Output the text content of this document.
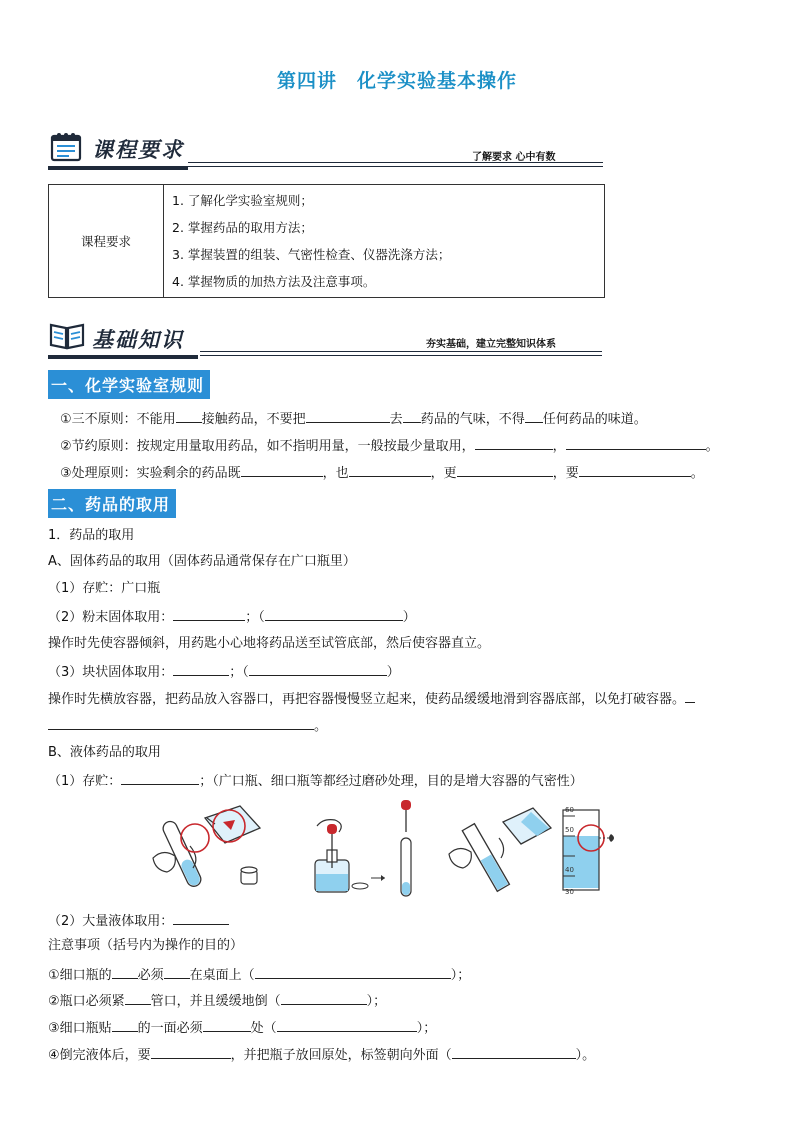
第四讲　化学实验基本操作
课程要求	了解要求 心中有数
课程要求	
1. 了解化学实验室规则；
2. 掌握药品的取用方法；
3. 掌握装置的组装、气密性检查、仪器洗涤方法；
4. 掌握物质的加热方法及注意事项。
基础知识	夯实基础，建立完整知识体系
一、化学实验室规则
①三不原则：不能用 接触药品，不要把	去 药品的气味，不得 任何药品的味道。
②节约原则：按规定用量取用药品，如不指明用量，一般按最少量取用，	，	。
③处理原则：实验剩余的药品既	，也	，更	，要	。
二、药品的取用
1．药品的取用
A、固体药品的取用（固体药品通常保存在广口瓶里）
（1）存贮：广口瓶
（2）粉末固体取用：	；（	）
操作时先使容器倾斜，用药匙小心地将药品送至试管底部，然后使容器直立。
（3）块状固体取用：	；（	）
操作时先横放容器，把药品放入容器口，再把容器慢慢竖立起来，使药品缓缓地滑到容器底部，以免打破容器。
。
B、液体药品的取用
（1）存贮：	；（广口瓶、细口瓶等都经过磨砂处理，目的是增大容器的气密性）
60
50
40
30
（2）大量液体取用：
注意事项（括号内为操作的目的）
①细口瓶的 必须 在桌面上（	）；
②瓶口必须紧 管口，并且缓缓地倒（	）；
③细口瓶贴 的一面必须	处（	）；
④倒完液体后，要	，并把瓶子放回原处，标签朝向外面（	）。
